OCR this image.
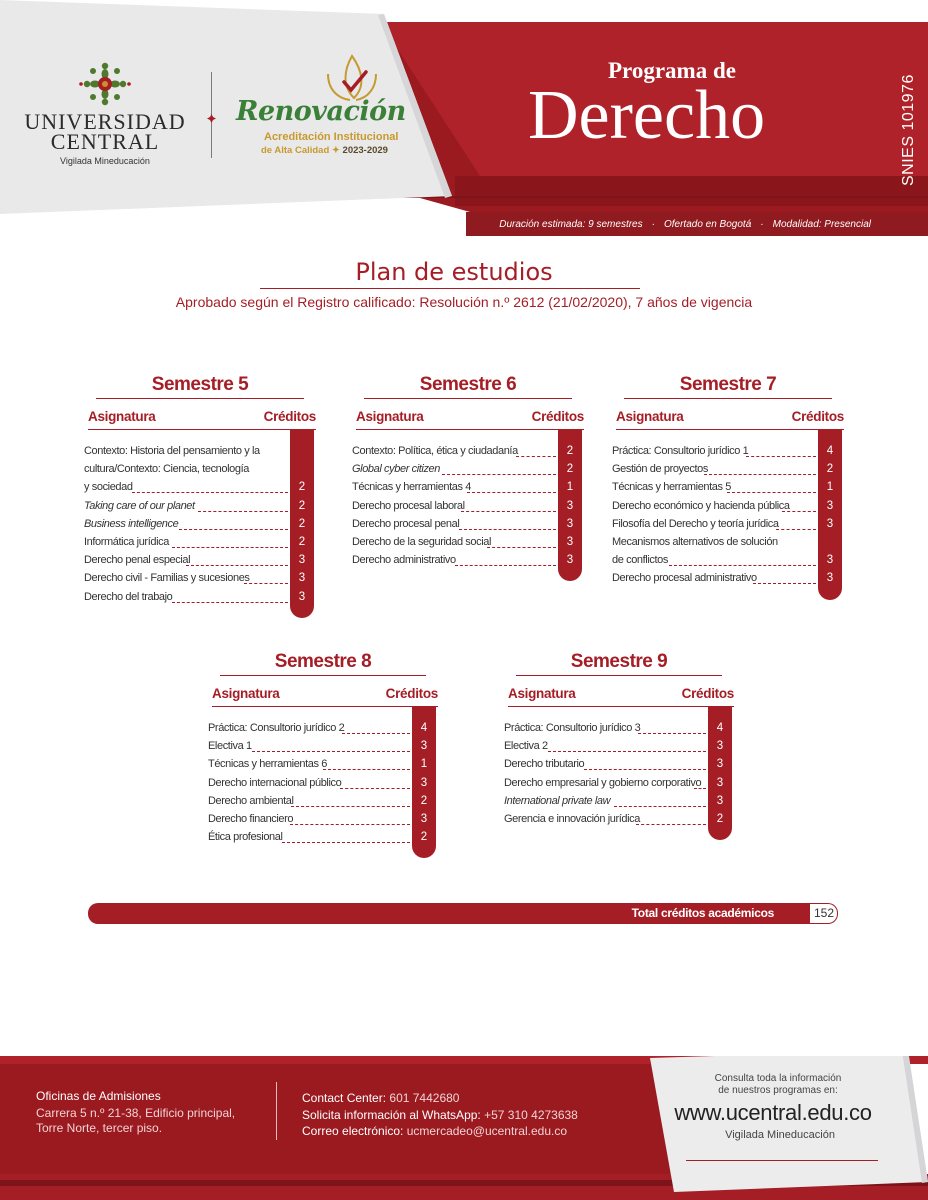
UNIVERSIDAD
CENTRAL
Vigilada Mineducación
Renovación
Acreditación Institucional
de Alta Calidad ✦ 2023-2029
Programa de
Derecho	SNIES 101976
Duración estimada: 9 semestres · Ofertado en Bogotá · Modalidad: Presencial
Plan de estudios
Aprobado según el Registro calificado: Resolución n.º 2612 (21/02/2020), 7 años de vigencia
Semestre 5
Asignatura	Créditos
Contexto: Historia del pensamiento y la
cultura/Contexto: Ciencia, tecnología
y sociedad	2
Taking care of our planet	2
Business intelligence	2
Informática jurídica	2
Derecho penal especial	3
Derecho civil - Familias y sucesiones	3
Derecho del trabajo	3
Semestre 6
Asignatura	Créditos
Contexto: Política, ética y ciudadanía	2
Global cyber citizen	2
Técnicas y herramientas 4	1
Derecho procesal laboral	3
Derecho procesal penal	3
Derecho de la seguridad social	3
Derecho administrativo	3
Semestre 7
Asignatura	Créditos
Práctica: Consultorio jurídico 1	4
Gestión de proyectos	2
Técnicas y herramientas 5	1
Derecho económico y hacienda pública	3
Filosofía del Derecho y teoría jurídica	3
Mecanismos alternativos de solución
de conflictos	3
Derecho procesal administrativo	3
Semestre 8
Asignatura	Créditos
Práctica: Consultorio jurídico 2	4
Electiva 1	3
Técnicas y herramientas 6	1
Derecho internacional público	3
Derecho ambiental	2
Derecho financiero	3
Ética profesional	2
Semestre 9
Asignatura	Créditos
Práctica: Consultorio jurídico 3	4
Electiva 2	3
Derecho tributario	3
Derecho empresarial y gobierno corporativo	3
International private law	3
Gerencia e innovación jurídica	2
Total créditos académicos	152
Oficinas de Admisiones
Carrera 5 n.º 21-38, Edificio principal,
Torre Norte, tercer piso.
Contact Center: 601 7442680
Solicita información al WhatsApp: +57 310 4273638
Correo electrónico: ucmercadeo@ucentral.edu.co
Consulta toda la información
de nuestros programas en:
www.ucentral.edu.co
Vigilada Mineducación
